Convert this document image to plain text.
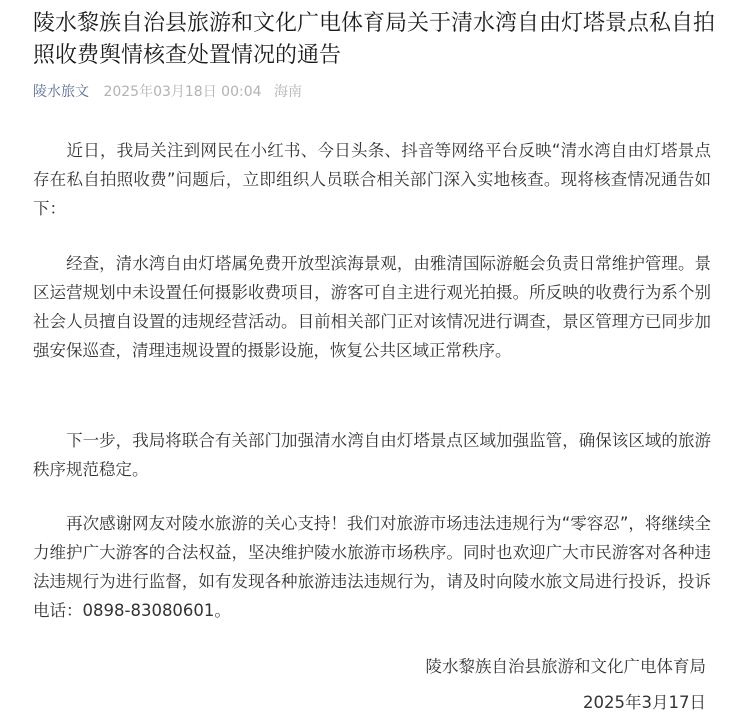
陵水黎族自治县旅游和文化广电体育局关于清水湾自由灯塔景点私自拍照收费舆情核查处置情况的通告
陵水旅文 2025年03月18日 00:04 海南

　　近日，我局关注到网民在小红书、今日头条、抖音等网络平台反映“清水湾自由灯塔景点存在私自拍照收费”问题后，立即组织人员联合相关部门深入实地核查。现将核查情况通告如下：

　　经查，清水湾自由灯塔属免费开放型滨海景观，由雅清国际游艇会负责日常维护管理。景区运营规划中未设置任何摄影收费项目，游客可自主进行观光拍摄。所反映的收费行为系个别社会人员擅自设置的违规经营活动。目前相关部门正对该情况进行调查，景区管理方已同步加强安保巡查，清理违规设置的摄影设施，恢复公共区域正常秩序。

　　下一步，我局将联合有关部门加强清水湾自由灯塔景点区域加强监管，确保该区域的旅游秩序规范稳定。

　　再次感谢网友对陵水旅游的关心支持！我们对旅游市场违法违规行为“零容忍”，将继续全力维护广大游客的合法权益，坚决维护陵水旅游市场秩序。同时也欢迎广大市民游客对各种违法违规行为进行监督，如有发现各种旅游违法违规行为，请及时向陵水旅文局进行投诉，投诉电话：0898-83080601。

陵水黎族自治县旅游和文化广电体育局

2025年3月17日
